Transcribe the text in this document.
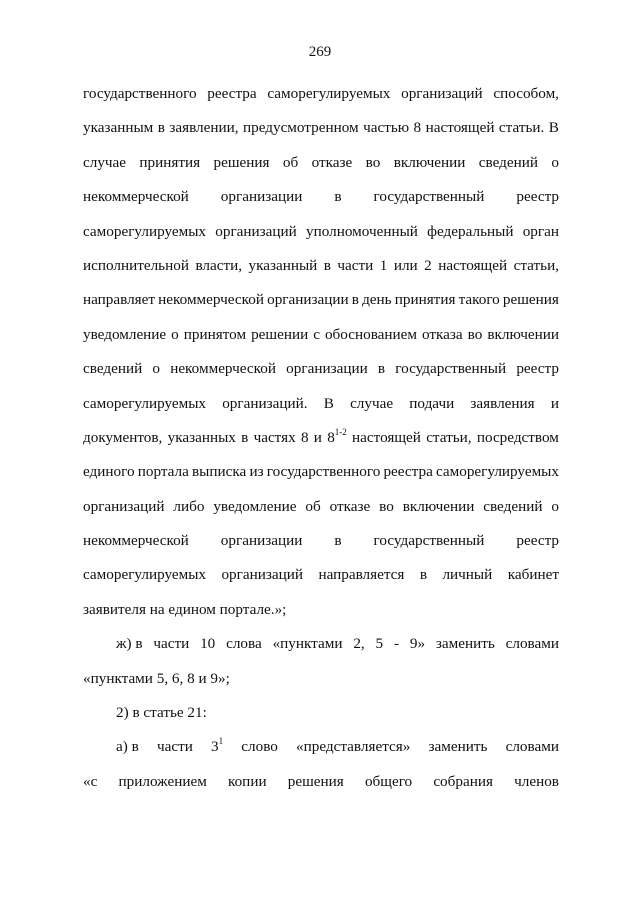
269
государственного реестра саморегулируемых организаций способом,
указанным в заявлении, предусмотренном частью 8 настоящей статьи. В
случае принятия решения об отказе во включении сведений о
некоммерческой организации в государственный реестр
саморегулируемых организаций уполномоченный федеральный орган
исполнительной власти, указанный в части 1 или 2 настоящей статьи,
направляет некоммерческой организации в день принятия такого решения
уведомление о принятом решении с обоснованием отказа во включении
сведений о некоммерческой организации в государственный реестр
саморегулируемых организаций. В случае подачи заявления и
документов, указанных в частях 8 и 8$^{1-2}$ настоящей статьи, посредством
единого портала выписка из государственного реестра саморегулируемых
организаций либо уведомление об отказе во включении сведений о
некоммерческой организации в государственный реестр
саморегулируемых организаций направляется в личный кабинет
заявителя на едином портале.»;
ж) в части 10 слова «пунктами 2, 5 - 9» заменить словами
«пунктами 5, 6, 8 и 9»;
2) в статье 21:
а) в части $3^1$ слово «представляется» заменить словами
«с приложением копии решения общего собрания членов
